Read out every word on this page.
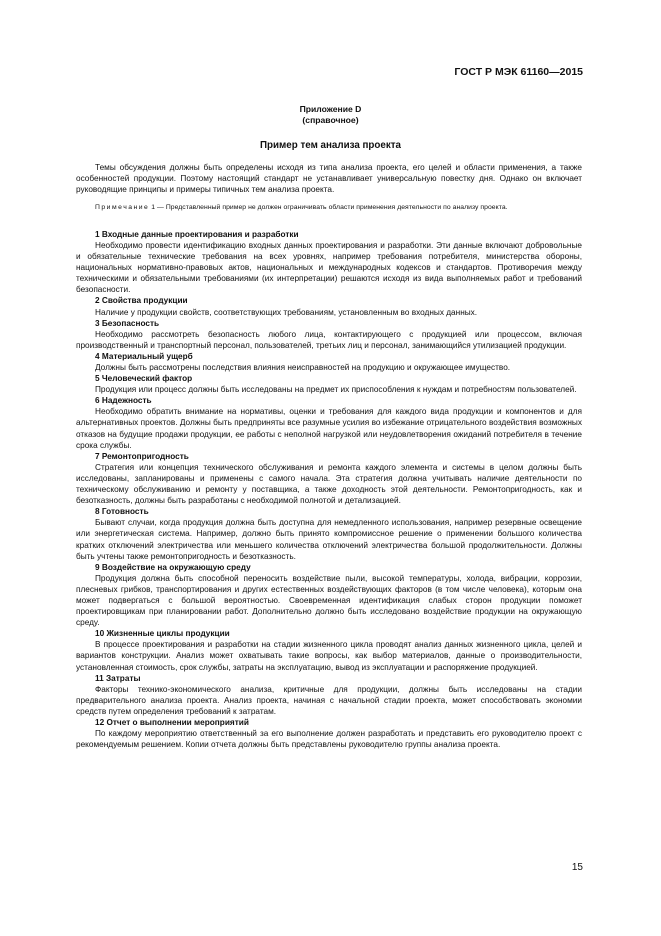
ГОСТ Р МЭК 61160—2015
Приложение D
(справочное)
Пример тем анализа проекта

Темы обсуждения должны быть определены исходя из типа анализа проекта, его целей и области применения, а также особенностей продукции. Поэтому настоящий стандарт не устанавливает универсальную повестку дня. Однако он включает руководящие принципы и примеры типичных тем анализа проекта.

Примечание 1 — Представленный пример не должен ограничивать области применения деятельности по анализу проекта.

1 Входные данные проектирования и разработки

Необходимо провести идентификацию входных данных проектирования и разработки. Эти данные включают добровольные и обязательные технические требования на всех уровнях, например требования потребителя, министерства обороны, национальных нормативно-правовых актов, национальных и международных кодексов и стандартов. Противоречия между техническими и обязательными требованиями (их интерпретации) решаются исходя из вида выполняемых работ и требований безопасности.

2 Свойства продукции

Наличие у продукции свойств, соответствующих требованиям, установленным во входных данных.

3 Безопасность

Необходимо рассмотреть безопасность любого лица, контактирующего с продукцией или процессом, включая производственный и транспортный персонал, пользователей, третьих лиц и персонал, занимающийся утилизацией продукции.

4 Материальный ущерб

Должны быть рассмотрены последствия влияния неисправностей на продукцию и окружающее имущество.

5 Человеческий фактор

Продукция или процесс должны быть исследованы на предмет их приспособления к нуждам и потребностям пользователей.

6 Надежность

Необходимо обратить внимание на нормативы, оценки и требования для каждого вида продукции и компонентов и для альтернативных проектов. Должны быть предприняты все разумные усилия во избежание отрицательного воздействия возможных отказов на будущие продажи продукции, ее работы с неполной нагрузкой или неудовлетворения ожиданий потребителя в течение срока службы.

7 Ремонтопригодность

Стратегия или концепция технического обслуживания и ремонта каждого элемента и системы в целом должны быть исследованы, запланированы и применены с самого начала. Эта стратегия должна учитывать наличие деятельности по техническому обслуживанию и ремонту у поставщика, а также доходность этой деятельности. Ремонтопригодность, как и безотказность, должны быть разработаны с необходимой полнотой и детализацией.

8 Готовность

Бывают случаи, когда продукция должна быть доступна для немедленного использования, например резервные освещение или энергетическая система. Например, должно быть принято компромиссное решение о применении большого количества кратких отключений электричества или меньшего количества отключений электричества большой продолжительности. Должны быть учтены также ремонтопригодность и безотказность.

9 Воздействие на окружающую среду

Продукция должна быть способной переносить воздействие пыли, высокой температуры, холода, вибрации, коррозии, плесневых грибков, транспортирования и других естественных воздействующих факторов (в том числе человека), которым она может подвергаться с большой вероятностью. Своевременная идентификация слабых сторон продукции поможет проектировщикам при планировании работ. Дополнительно должно быть исследовано воздействие продукции на окружающую среду.

10 Жизненные циклы продукции

В процессе проектирования и разработки на стадии жизненного цикла проводят анализ данных жизненного цикла, целей и вариантов конструкции. Анализ может охватывать такие вопросы, как выбор материалов, данные о производительности, установленная стоимость, срок службы, затраты на эксплуатацию, вывод из эксплуатации и распоряжение продукцией.

11 Затраты

Факторы технико-экономического анализа, критичные для продукции, должны быть исследованы на стадии предварительного анализа проекта. Анализ проекта, начиная с начальной стадии проекта, может способствовать экономии средств путем определения требований к затратам.

12 Отчет о выполнении мероприятий

По каждому мероприятию ответственный за его выполнение должен разработать и представить его руководителю проект с рекомендуемым решением. Копии отчета должны быть представлены руководителю группы анализа проекта.

15
